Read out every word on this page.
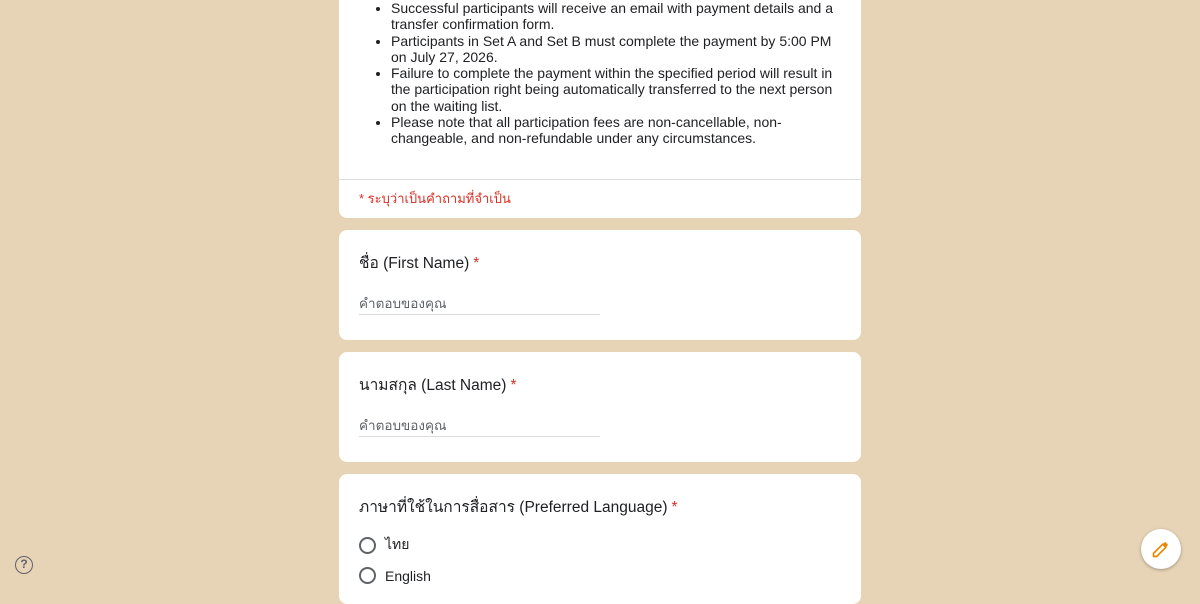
• Successful participants will receive an email with payment details and a transfer confirmation form.
• Participants in Set A and Set B must complete the payment by 5:00 PM on July 27, 2026.
• Failure to complete the payment within the specified period will result in the participation right being automatically transferred to the next person on the waiting list.
• Please note that all participation fees are non-cancellable, non-changeable, and non-refundable under any circumstances.
* ระบุว่าเป็นคำถามที่จำเป็น
ชื่อ (First Name) *
คำตอบของคุณ
นามสกุล (Last Name) *
คำตอบของคุณ
ภาษาที่ใช้ในการสื่อสาร (Preferred Language) *
ไทย
English
?
